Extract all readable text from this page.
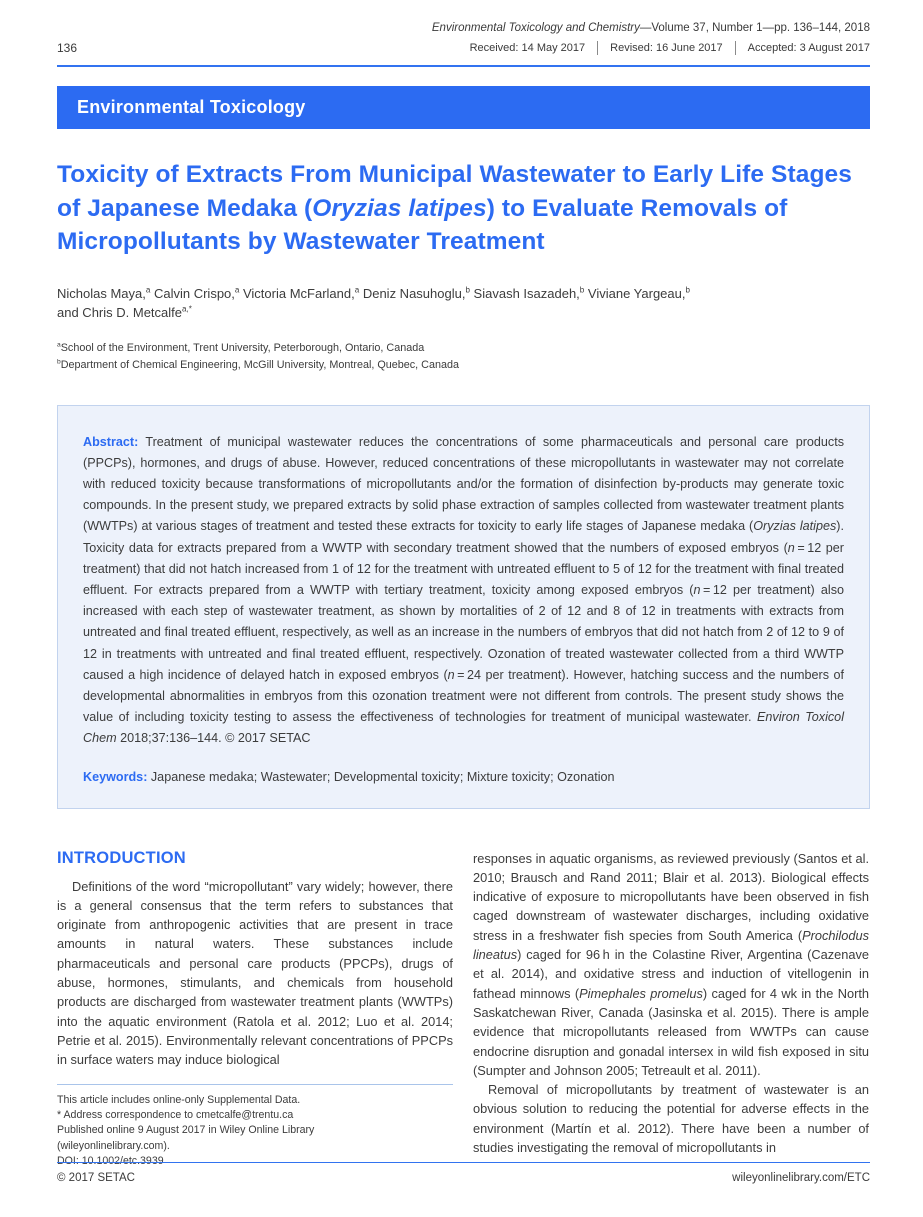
Environmental Toxicology and Chemistry—Volume 37, Number 1—pp. 136–144, 2018
136	Received: 14 May 2017 Revised: 16 June 2017 Accepted: 3 August 2017
Environmental Toxicology
Toxicity of Extracts From Municipal Wastewater to Early Life Stages of Japanese Medaka (Oryzias latipes) to Evaluate Removals of Micropollutants by Wastewater Treatment

Nicholas Maya,$^a$ Calvin Crispo,$^a$ Victoria McFarland,$^a$ Deniz Nasuhoglu,$^b$ Siavash Isazadeh,$^b$ Viviane Yargeau,$^b$
and Chris D. Metcalfe$^{a,*}$

$^a$School of the Environment, Trent University, Peterborough, Ontario, Canada
$^b$Department of Chemical Engineering, McGill University, Montreal, Quebec, Canada

Abstract: Treatment of municipal wastewater reduces the concentrations of some pharmaceuticals and personal care products (PPCPs), hormones, and drugs of abuse. However, reduced concentrations of these micropollutants in wastewater may not correlate with reduced toxicity because transformations of micropollutants and/or the formation of disinfection by-products may generate toxic compounds. In the present study, we prepared extracts by solid phase extraction of samples collected from wastewater treatment plants (WWTPs) at various stages of treatment and tested these extracts for toxicity to early life stages of Japanese medaka (Oryzias latipes). Toxicity data for extracts prepared from a WWTP with secondary treatment showed that the numbers of exposed embryos (n = 12 per treatment) that did not hatch increased from 1 of 12 for the treatment with untreated effluent to 5 of 12 for the treatment with final treated effluent. For extracts prepared from a WWTP with tertiary treatment, toxicity among exposed embryos (n = 12 per treatment) also increased with each step of wastewater treatment, as shown by mortalities of 2 of 12 and 8 of 12 in treatments with extracts from untreated and final treated effluent, respectively, as well as an increase in the numbers of embryos that did not hatch from 2 of 12 to 9 of 12 in treatments with untreated and final treated effluent, respectively. Ozonation of treated wastewater collected from a third WWTP caused a high incidence of delayed hatch in exposed embryos (n = 24 per treatment). However, hatching success and the numbers of developmental abnormalities in embryos from this ozonation treatment were not different from controls. The present study shows the value of including toxicity testing to assess the effectiveness of technologies for treatment of municipal wastewater. Environ Toxicol Chem 2018;37:136–144. © 2017 SETAC

Keywords: Japanese medaka; Wastewater; Developmental toxicity; Mixture toxicity; Ozonation

INTRODUCTION

Definitions of the word “micropollutant” vary widely; however, there is a general consensus that the term refers to substances that originate from anthropogenic activities that are present in trace amounts in natural waters. These substances include pharmaceuticals and personal care products (PPCPs), drugs of abuse, hormones, stimulants, and chemicals from household products are discharged from wastewater treatment plants (WWTPs) into the aquatic environment (Ratola et al. 2012; Luo et al. 2014; Petrie et al. 2015). Environmentally relevant concentrations of PPCPs in surface waters may induce biological

This article includes online-only Supplemental Data.
* Address correspondence to cmetcalfe@trentu.ca
Published online 9 August 2017 in Wiley Online Library
(wileyonlinelibrary.com).
DOI: 10.1002/etc.3939

responses in aquatic organisms, as reviewed previously (Santos et al. 2010; Brausch and Rand 2011; Blair et al. 2013). Biological effects indicative of exposure to micropollutants have been observed in fish caged downstream of wastewater discharges, including oxidative stress in a freshwater fish species from South America (Prochilodus lineatus) caged for 96 h in the Colastine River, Argentina (Cazenave et al. 2014), and oxidative stress and induction of vitellogenin in fathead minnows (Pimephales promelus) caged for 4 wk in the North Saskatchewan River, Canada (Jasinska et al. 2015). There is ample evidence that micropollutants released from WWTPs can cause endocrine disruption and gonadal intersex in wild fish exposed in situ (Sumpter and Johnson 2005; Tetreault et al. 2011).

Removal of micropollutants by treatment of wastewater is an obvious solution to reducing the potential for adverse effects in the environment (Martín et al. 2012). There have been a number of studies investigating the removal of micropollutants in

© 2017 SETAC	wileyonlinelibrary.com/ETC
